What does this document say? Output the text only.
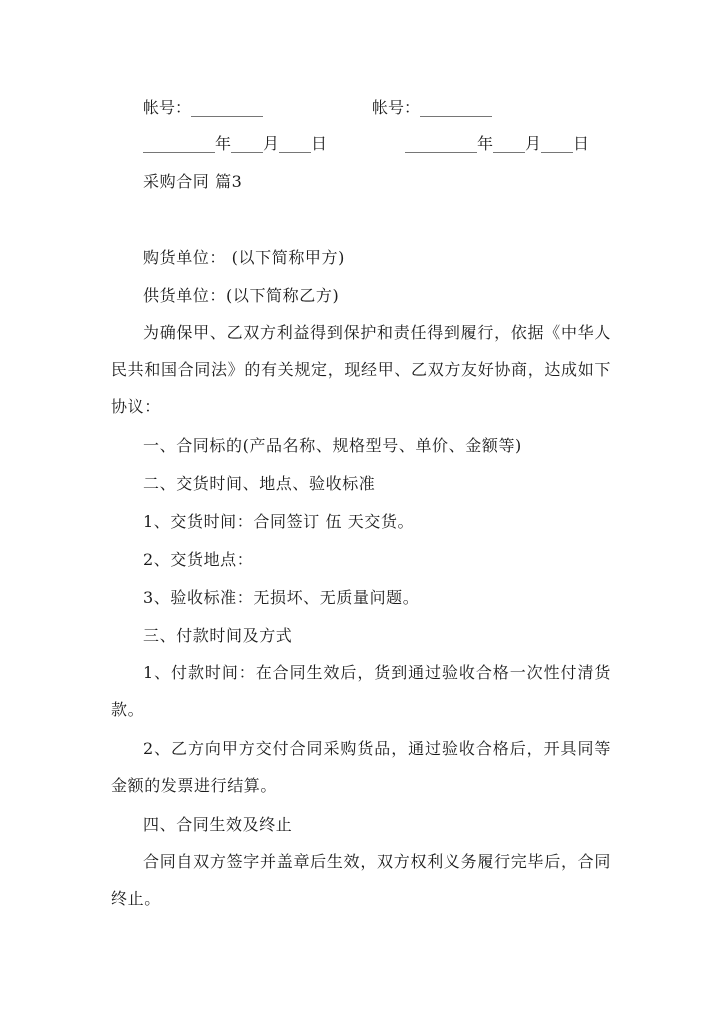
帐号：_________	帐号：_________
_________年____月____日	_________年____月____日
采购合同 篇3
购货单位： (以下简称甲方)
供货单位：(以下简称乙方)
为确保甲、乙双方利益得到保护和责任得到履行，依据《中华人民共和国合同法》的有关规定，现经甲、乙双方友好协商，达成如下协议：
一、合同标的(产品名称、规格型号、单价、金额等)
二、交货时间、地点、验收标准
1、交货时间：合同签订 伍 天交货。
2、交货地点：
3、验收标准：无损坏、无质量问题。
三、付款时间及方式
1、付款时间：在合同生效后，货到通过验收合格一次性付清货款。
2、乙方向甲方交付合同采购货品，通过验收合格后，开具同等金额的发票进行结算。
四、合同生效及终止
合同自双方签字并盖章后生效，双方权利义务履行完毕后，合同终止。
